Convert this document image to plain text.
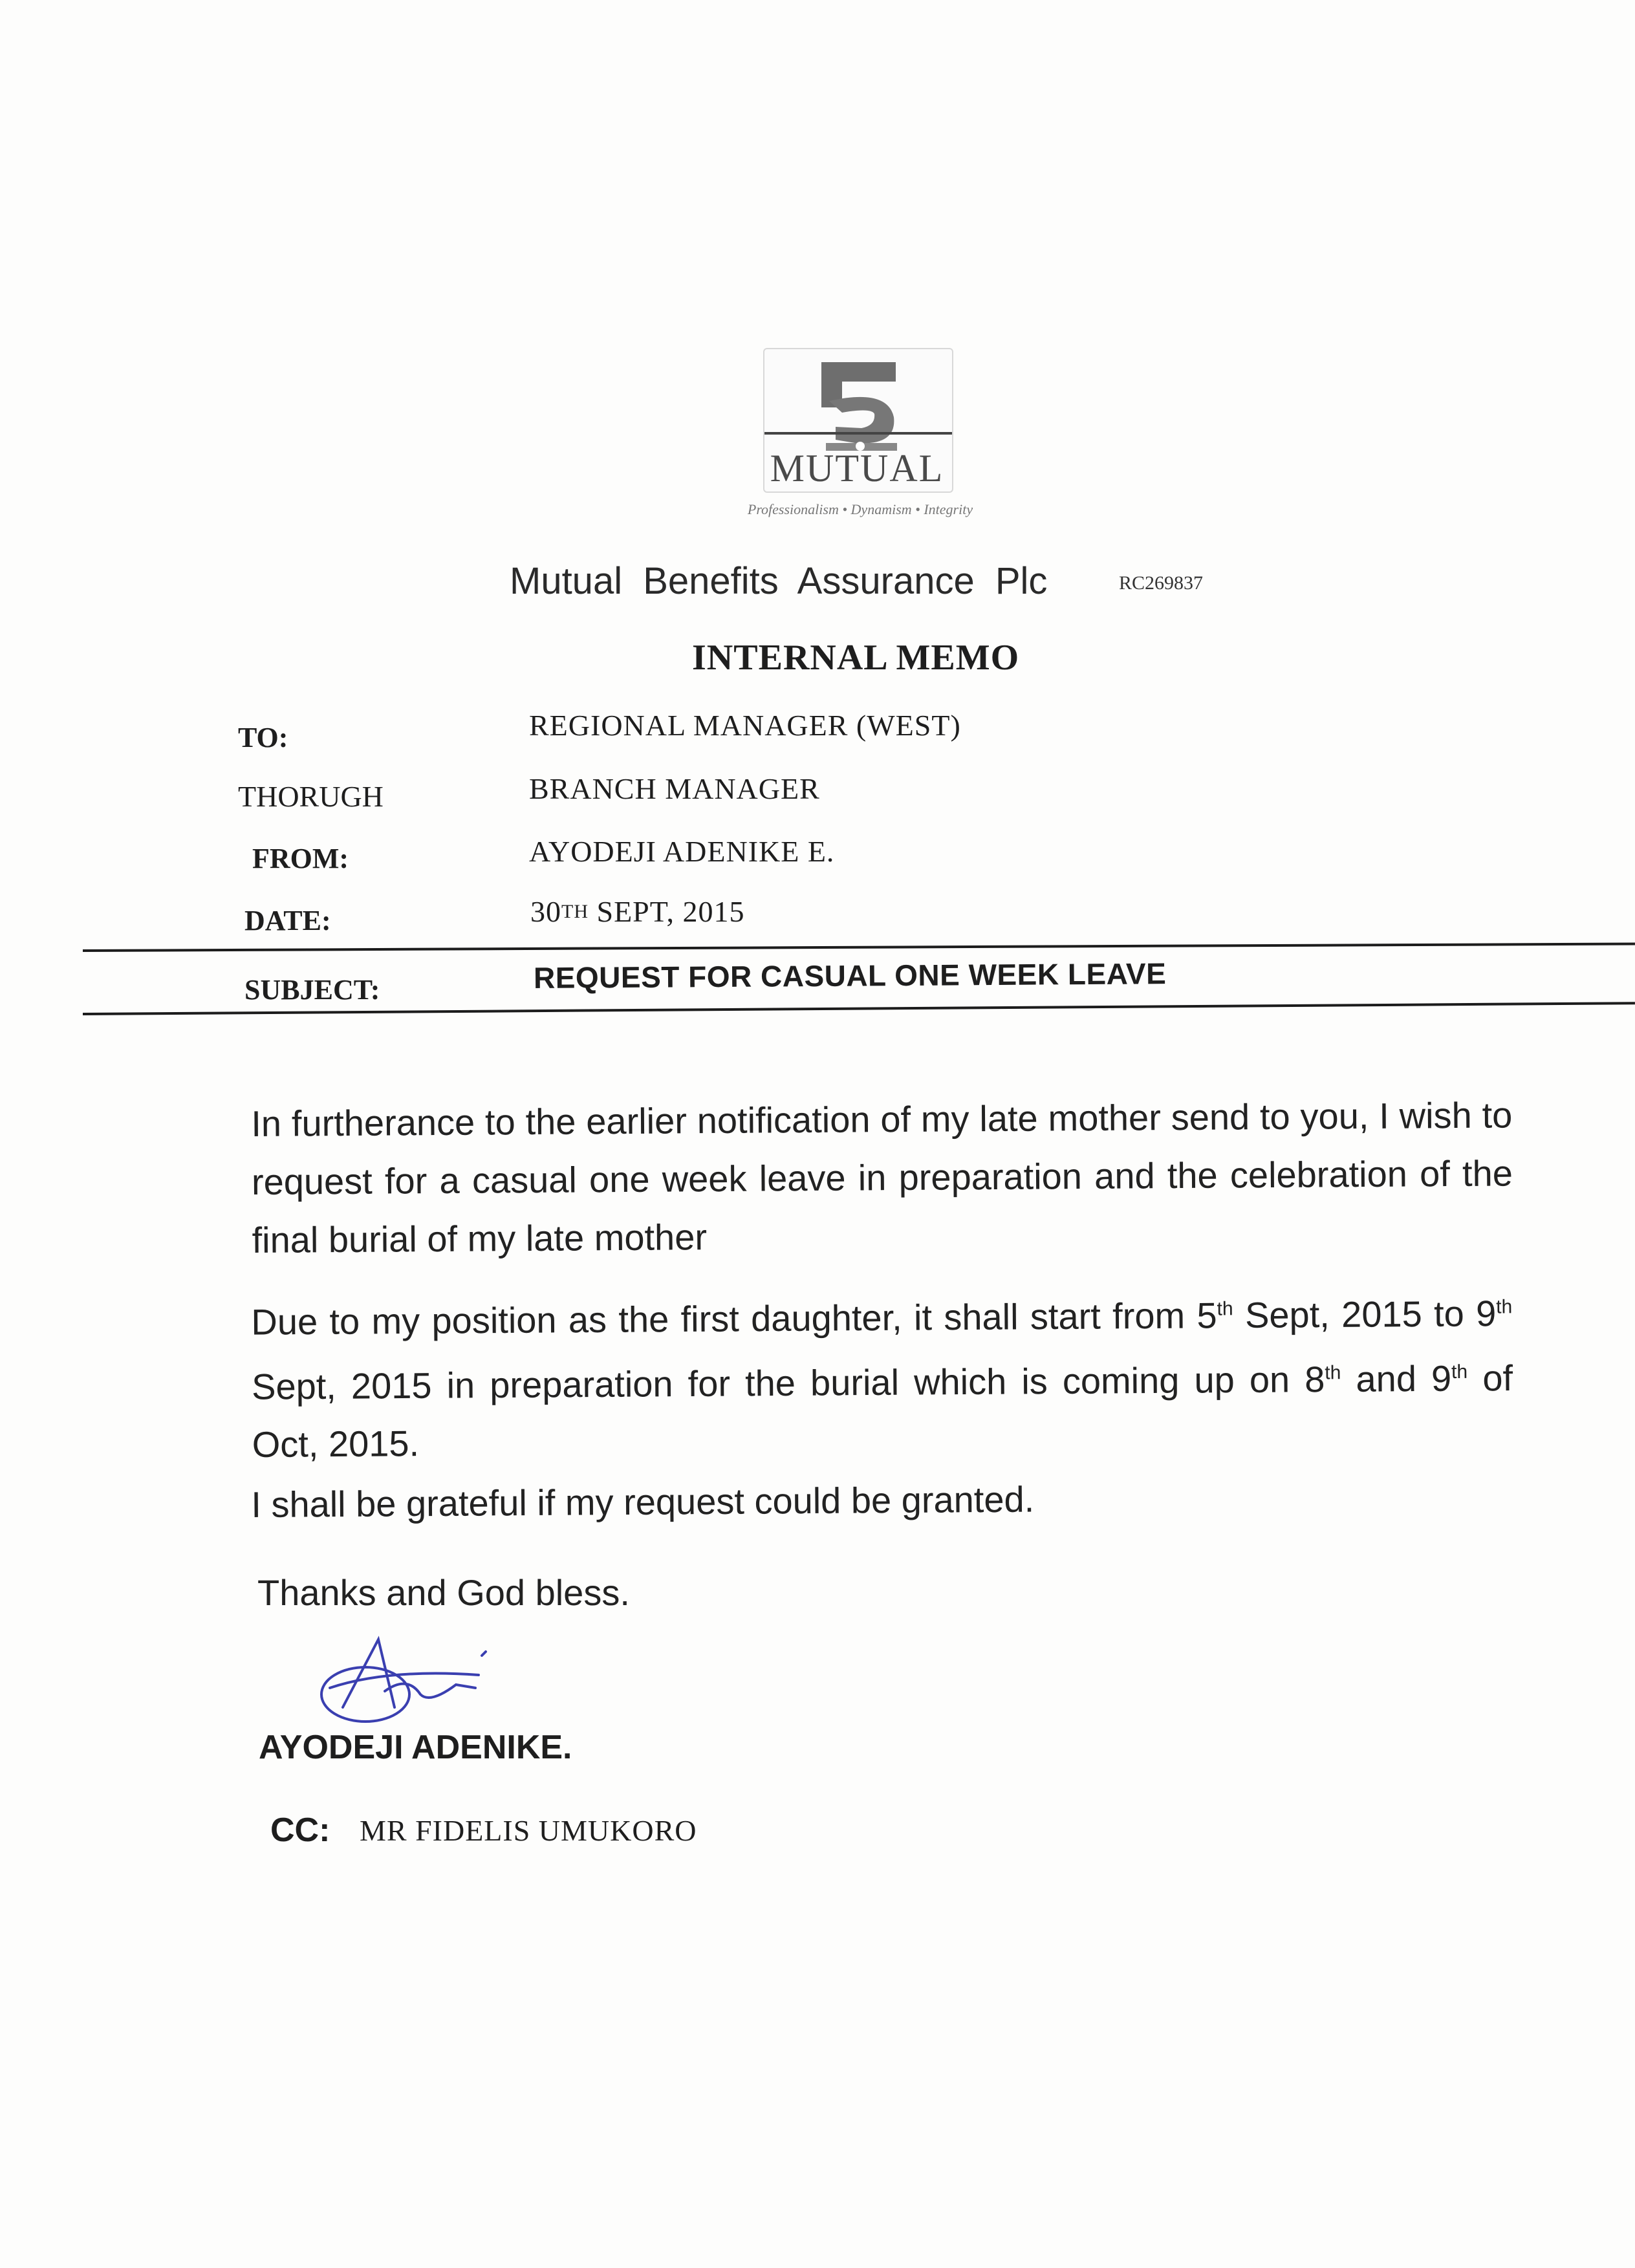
MUTUAL
Professionalism • Dynamism • Integrity
Mutual Benefits Assurance Plc	RC269837
INTERNAL MEMO
TO:	REGIONAL MANAGER (WEST)
THORUGH	BRANCH MANAGER
FROM:	AYODEJI ADENIKE E.
DATE:	30TH SEPT, 2015
SUBJECT:	REQUEST FOR CASUAL ONE WEEK LEAVE

In furtherance to the earlier notification of my late mother send to you, I wish to request for a casual one week leave in preparation and the celebration of the final burial of my late mother

Due to my position as the first daughter, it shall start from 5th Sept, 2015 to 9th Sept, 2015 in preparation for the burial which is coming up on 8th and 9th of Oct, 2015.

I shall be grateful if my request could be granted.

Thanks and God bless.

AYODEJI ADENIKE.
CC: MR FIDELIS UMUKORO
